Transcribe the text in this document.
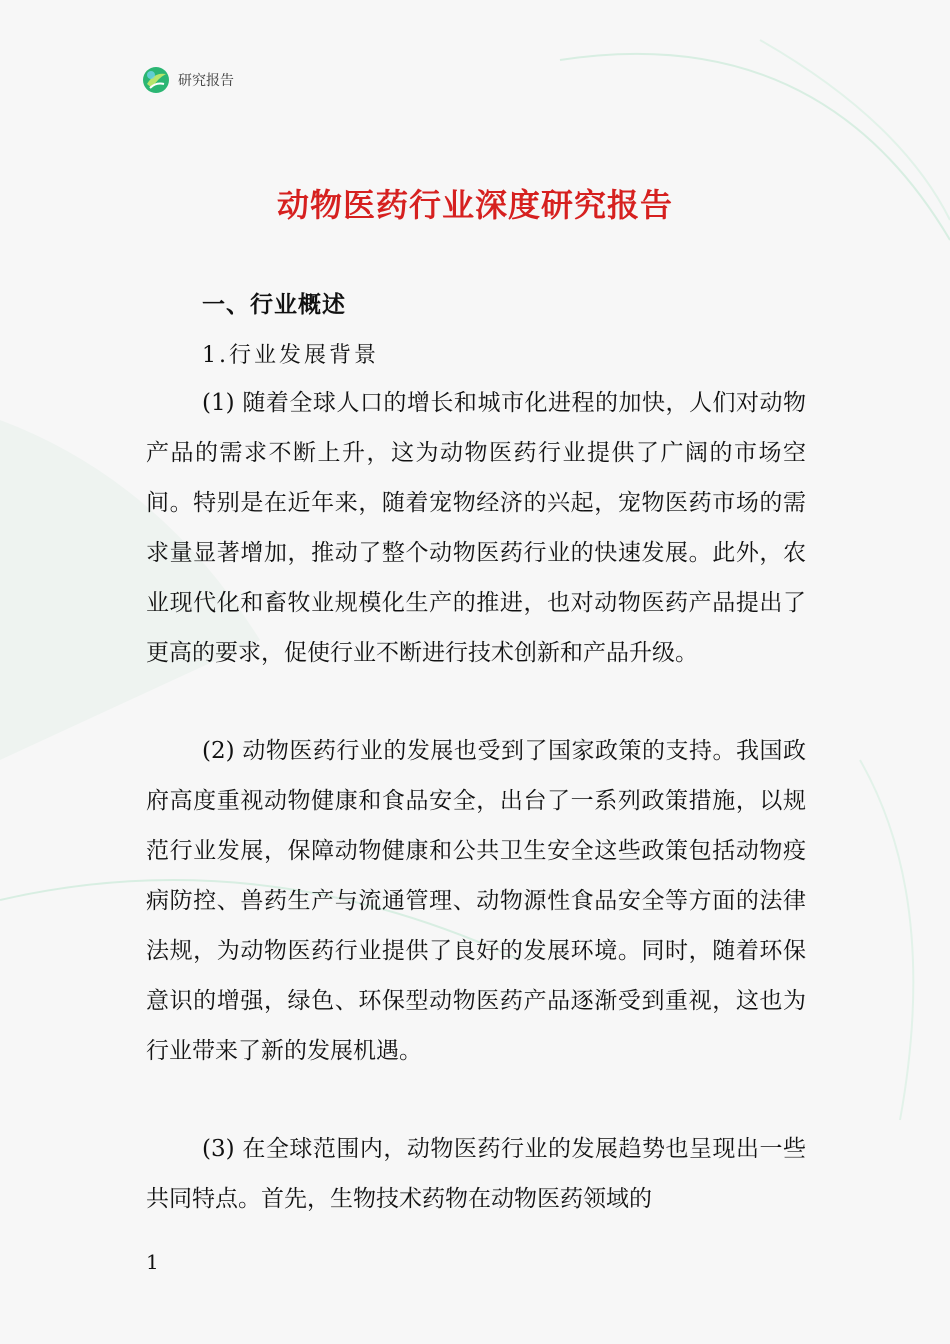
研究报告
动物医药行业深度研究报告
一、行业概述
1.行业发展背景

(1) 随着全球人口的增长和城市化进程的加快，人们对动物产品的需求不断上升，这为动物医药行业提供了广阔的市场空间。特别是在近年来，随着宠物经济的兴起，宠物医药市场的需求量显著增加，推动了整个动物医药行业的快速发展。此外，农业现代化和畜牧业规模化生产的推进，也对动物医药产品提出了更高的要求，促使行业不断进行技术创新和产品升级。

(2) 动物医药行业的发展也受到了国家政策的支持。我国政府高度重视动物健康和食品安全，出台了一系列政策措施，以规范行业发展，保障动物健康和公共卫生安全这些政策包括动物疫病防控、兽药生产与流通管理、动物源性食品安全等方面的法律法规，为动物医药行业提供了良好的发展环境。同时，随着环保意识的增强，绿色、环保型动物医药产品逐渐受到重视，这也为行业带来了新的发展机遇。

(3) 在全球范围内，动物医药行业的发展趋势也呈现出一些共同特点。首先，生物技术药物在动物医药领域的

1
